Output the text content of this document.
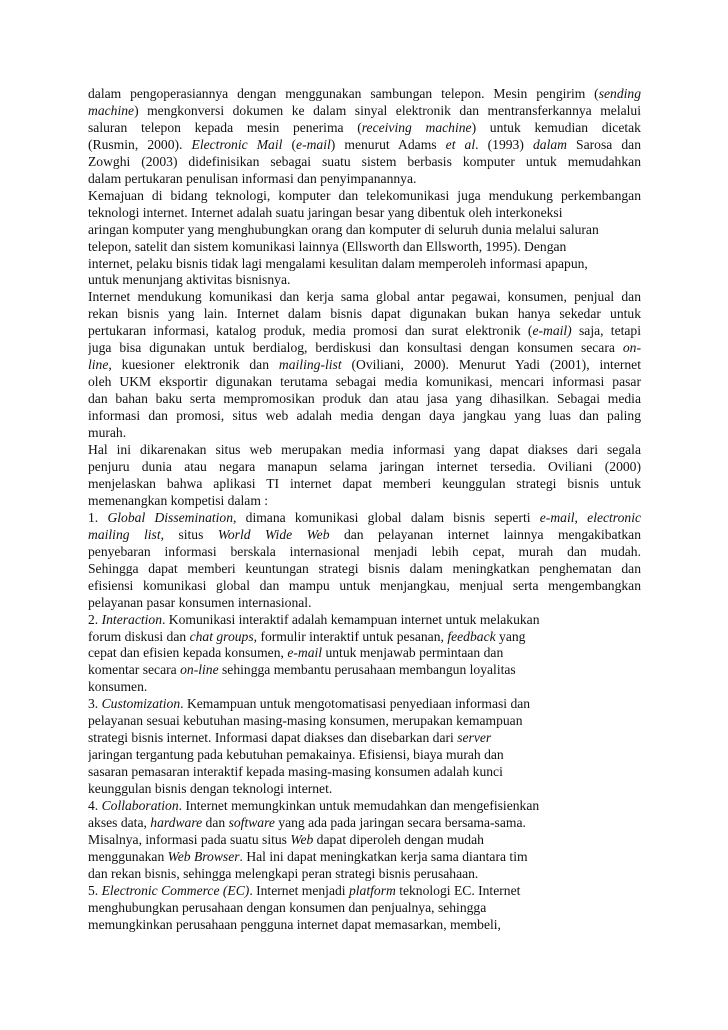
dalam pengoperasiannya dengan menggunakan sambungan telepon. Mesin pengirim (sending
machine) mengkonversi dokumen ke dalam sinyal elektronik dan mentransferkannya melalui
saluran telepon kepada mesin penerima (receiving machine) untuk kemudian dicetak
(Rusmin, 2000). Electronic Mail (e-mail) menurut Adams et al. (1993) dalam Sarosa dan
Zowghi (2003) didefinisikan sebagai suatu sistem berbasis komputer untuk memudahkan
dalam pertukaran penulisan informasi dan penyimpanannya.
Kemajuan di bidang teknologi, komputer dan telekomunikasi juga mendukung perkembangan
teknologi internet. Internet adalah suatu jaringan besar yang dibentuk oleh interkoneksi
aringan komputer yang menghubungkan orang dan komputer di seluruh dunia melalui saluran
telepon, satelit dan sistem komunikasi lainnya (Ellsworth dan Ellsworth, 1995). Dengan
internet, pelaku bisnis tidak lagi mengalami kesulitan dalam memperoleh informasi apapun,
untuk menunjang aktivitas bisnisnya.
Internet mendukung komunikasi dan kerja sama global antar pegawai, konsumen, penjual dan
rekan bisnis yang lain. Internet dalam bisnis dapat digunakan bukan hanya sekedar untuk
pertukaran informasi, katalog produk, media promosi dan surat elektronik (e-mail) saja, tetapi
juga bisa digunakan untuk berdialog, berdiskusi dan konsultasi dengan konsumen secara on-
line, kuesioner elektronik dan mailing-list (Oviliani, 2000). Menurut Yadi (2001), internet
oleh UKM eksportir digunakan terutama sebagai media komunikasi, mencari informasi pasar
dan bahan baku serta mempromosikan produk dan atau jasa yang dihasilkan. Sebagai media
informasi dan promosi, situs web adalah media dengan daya jangkau yang luas dan paling
murah.
Hal ini dikarenakan situs web merupakan media informasi yang dapat diakses dari segala
penjuru dunia atau negara manapun selama jaringan internet tersedia. Oviliani (2000)
menjelaskan bahwa aplikasi TI internet dapat memberi keunggulan strategi bisnis untuk
memenangkan kompetisi dalam :
1. Global Dissemination, dimana komunikasi global dalam bisnis seperti e-mail, electronic
mailing list, situs World Wide Web dan pelayanan internet lainnya mengakibatkan
penyebaran informasi berskala internasional menjadi lebih cepat, murah dan mudah.
Sehingga dapat memberi keuntungan strategi bisnis dalam meningkatkan penghematan dan
efisiensi komunikasi global dan mampu untuk menjangkau, menjual serta mengembangkan
pelayanan pasar konsumen internasional.
2. Interaction. Komunikasi interaktif adalah kemampuan internet untuk melakukan
forum diskusi dan chat groups, formulir interaktif untuk pesanan, feedback yang
cepat dan efisien kepada konsumen, e-mail untuk menjawab permintaan dan
komentar secara on-line sehingga membantu perusahaan membangun loyalitas
konsumen.
3. Customization. Kemampuan untuk mengotomatisasi penyediaan informasi dan
pelayanan sesuai kebutuhan masing-masing konsumen, merupakan kemampuan
strategi bisnis internet. Informasi dapat diakses dan disebarkan dari server
jaringan tergantung pada kebutuhan pemakainya. Efisiensi, biaya murah dan
sasaran pemasaran interaktif kepada masing-masing konsumen adalah kunci
keunggulan bisnis dengan teknologi internet.
4. Collaboration. Internet memungkinkan untuk memudahkan dan mengefisienkan
akses data, hardware dan software yang ada pada jaringan secara bersama-sama.
Misalnya, informasi pada suatu situs Web dapat diperoleh dengan mudah
menggunakan Web Browser. Hal ini dapat meningkatkan kerja sama diantara tim
dan rekan bisnis, sehingga melengkapi peran strategi bisnis perusahaan.
5. Electronic Commerce (EC). Internet menjadi platform teknologi EC. Internet
menghubungkan perusahaan dengan konsumen dan penjualnya, sehingga
memungkinkan perusahaan pengguna internet dapat memasarkan, membeli,
